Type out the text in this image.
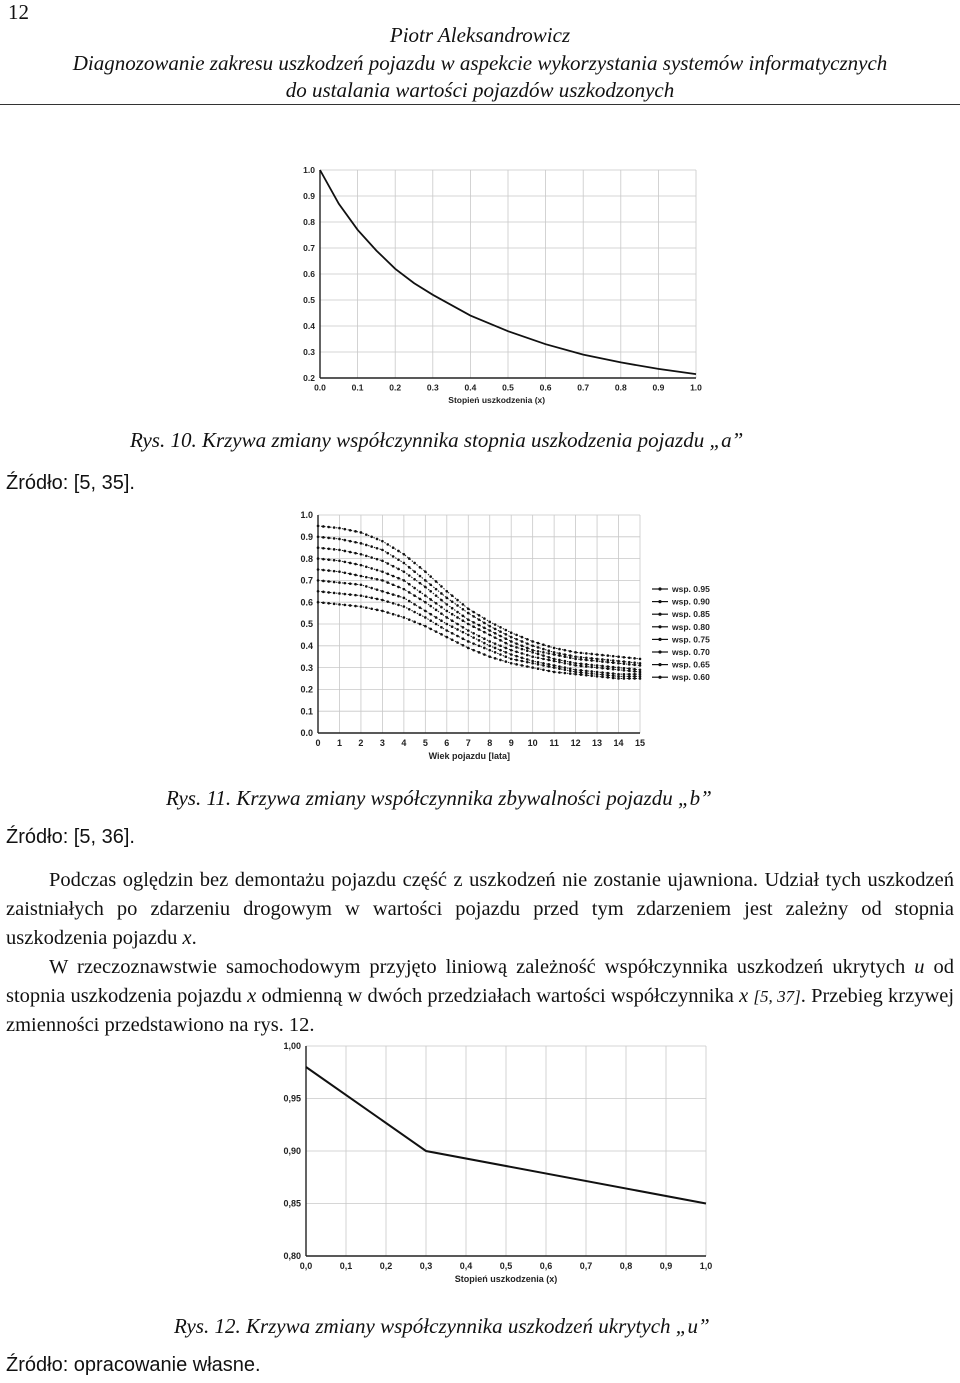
12
Piotr Aleksandrowicz
Diagnozowanie zakresu uszkodzeń pojazdu w aspekcie wykorzystania systemów informatycznych
do ustalania wartości pojazdów uszkodzonych
0.0	0.1	0.2	0.3	0.4	0.5	0.6	0.7	0.8	0.9	1.0
0.2
0.3
0.4
0.5
0.6
0.7
0.8
0.9
1.0
Stopień uszkodzenia (x)
Rys. 10. Krzywa zmiany współczynnika stopnia uszkodzenia pojazdu „a”
Źródło: [5, 35].
0 1 2 3 4 5 6 7 8 9 10 11 12 13 14 15
0.0
0.1
0.2
0.3
0.4
0.5
0.6
0.7
0.8
0.9
1.0
Wiek pojazdu [lata]
wsp. 0.95
wsp. 0.90
wsp. 0.85
wsp. 0.80
wsp. 0.75
wsp. 0.70
wsp. 0.65
wsp. 0.60
Rys. 11. Krzywa zmiany współczynnika zbywalności pojazdu „b”
Źródło: [5, 36].

Podczas oględzin bez demontażu pojazdu część z uszkodzeń nie zostanie ujawniona. Udział tych uszkodzeń zaistniałych po zdarzeniu drogowym w wartości pojazdu przed tym zdarzeniem jest zależny od stopnia uszkodzenia pojazdu x.

W rzeczoznawstwie samochodowym przyjęto liniową zależność współczynnika uszkodzeń ukrytych u od stopnia uszkodzenia pojazdu x odmienną w dwóch przedziałach wartości współczynnika x [5, 37]. Przebieg krzywej zmienności przedstawiono na rys. 12.

0,0	0,1	0,2	0,3	0,4	0,5	0,6	0,7	0,8	0,9	1,0
0,80
0,85
0,90
0,95
1,00
Stopień uszkodzenia (x)
Rys. 12. Krzywa zmiany współczynnika uszkodzeń ukrytych „u”
Źródło: opracowanie własne.
